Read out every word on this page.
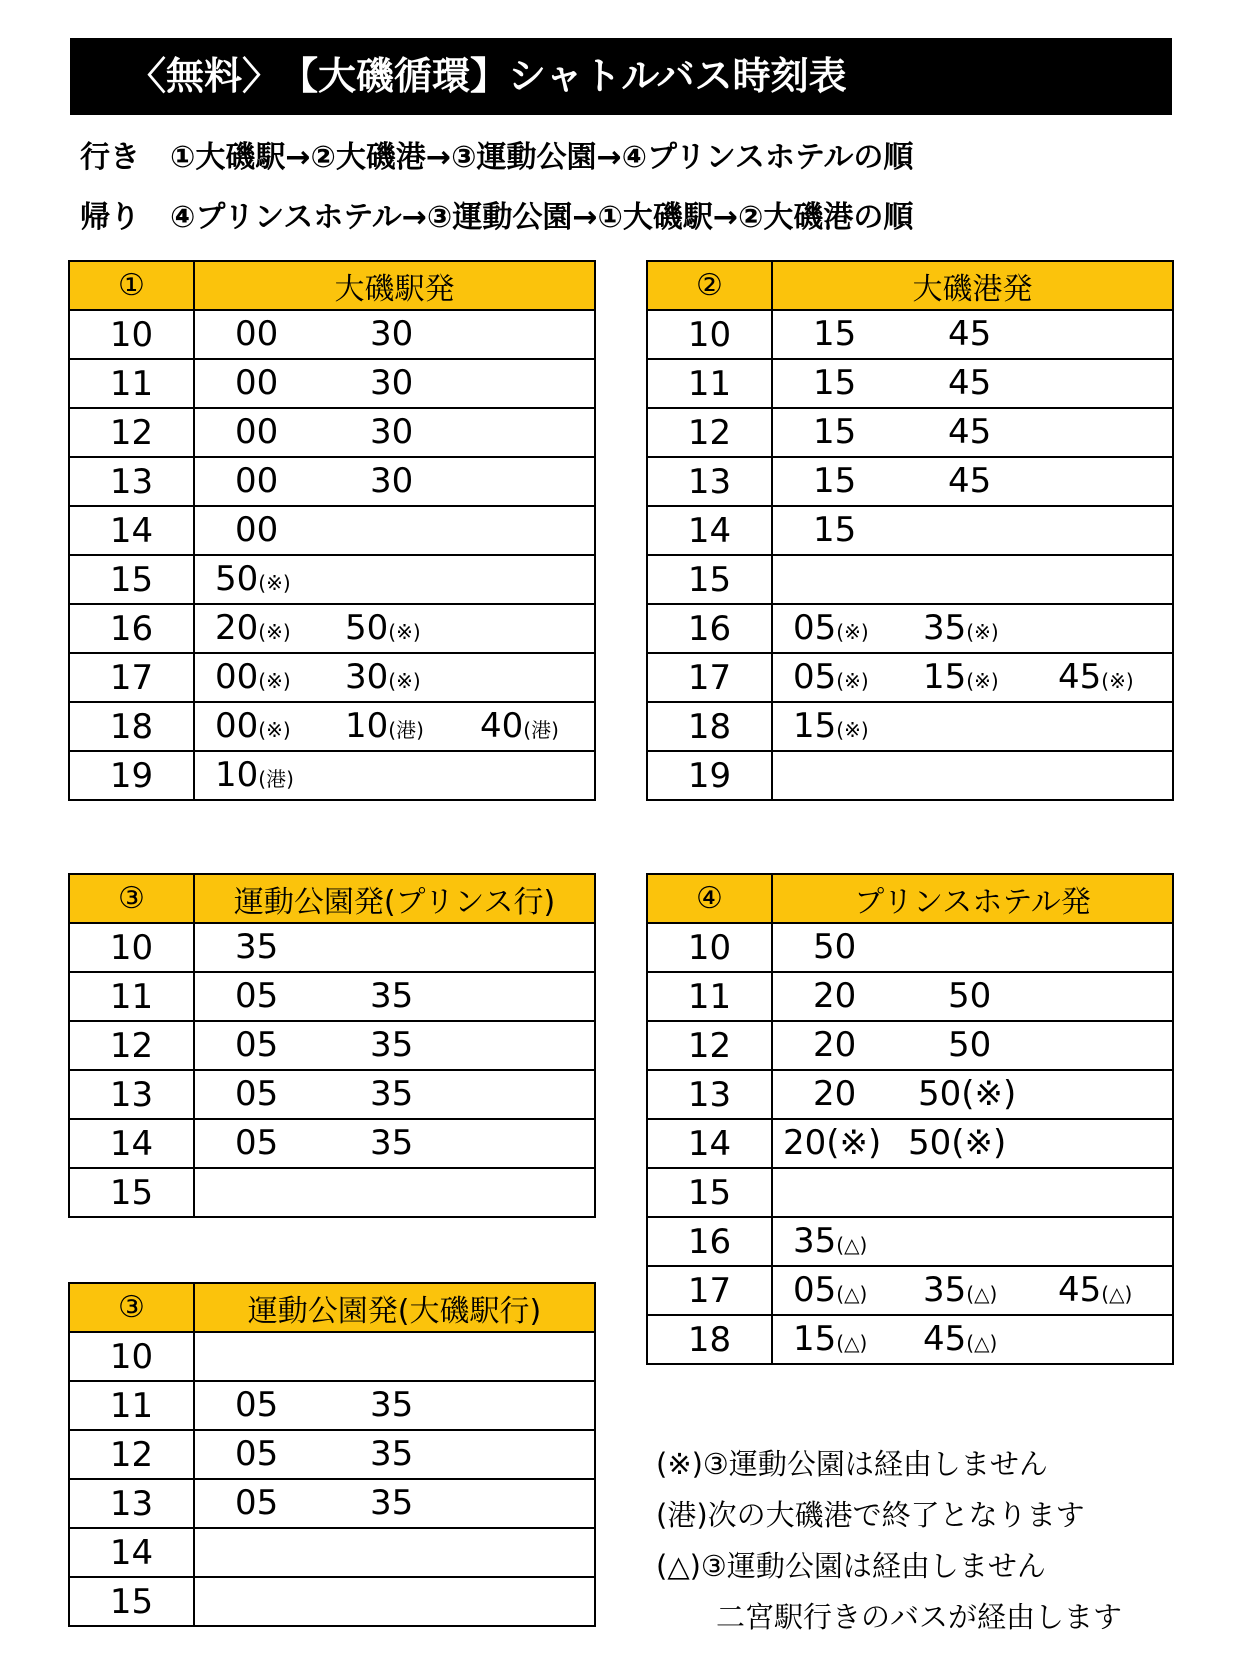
〈無料〉　【大磯循環】シャトルバス時刻表
行き　①大磯駅→②大磯港→③運動公園→④プリンスホテルの順
帰り　④プリンスホテル→③運動公園→①大磯駅→②大磯港の順
①	大磯駅発
10	00 30

11	00 30

12	00 30

13	00 30

14	00

15	50(※)

16	20(※) 50(※)

17	00(※) 30(※)

18	00(※) 10(港) 40(港)

19	10(港)
②	大磯港発
10	15 45

11	15 45

12	15 45

13	15 45

14	15

15	
16	05(※) 35(※)

17	05(※) 15(※) 45(※)

18	15(※)

19	
③	運動公園発(プリンス行)
10	35

11	05 35

12	05 35

13	05 35

14	05 35

15	
③	運動公園発(大磯駅行)
10	
11	05 35

12	05 35

13	05 35

14	
15	
④	プリンスホテル発
10	50

11	20 50

12	20 50

13	20 50(※)

14	20(※) 50(※)

15	
16	35(△)

17	05(△) 35(△) 45(△)

18	15(△) 45(△)
(※)③運動公園は経由しません
(港)次の大磯港で終了となります
(△)③運動公園は経由しません
二宮駅行きのバスが経由します
